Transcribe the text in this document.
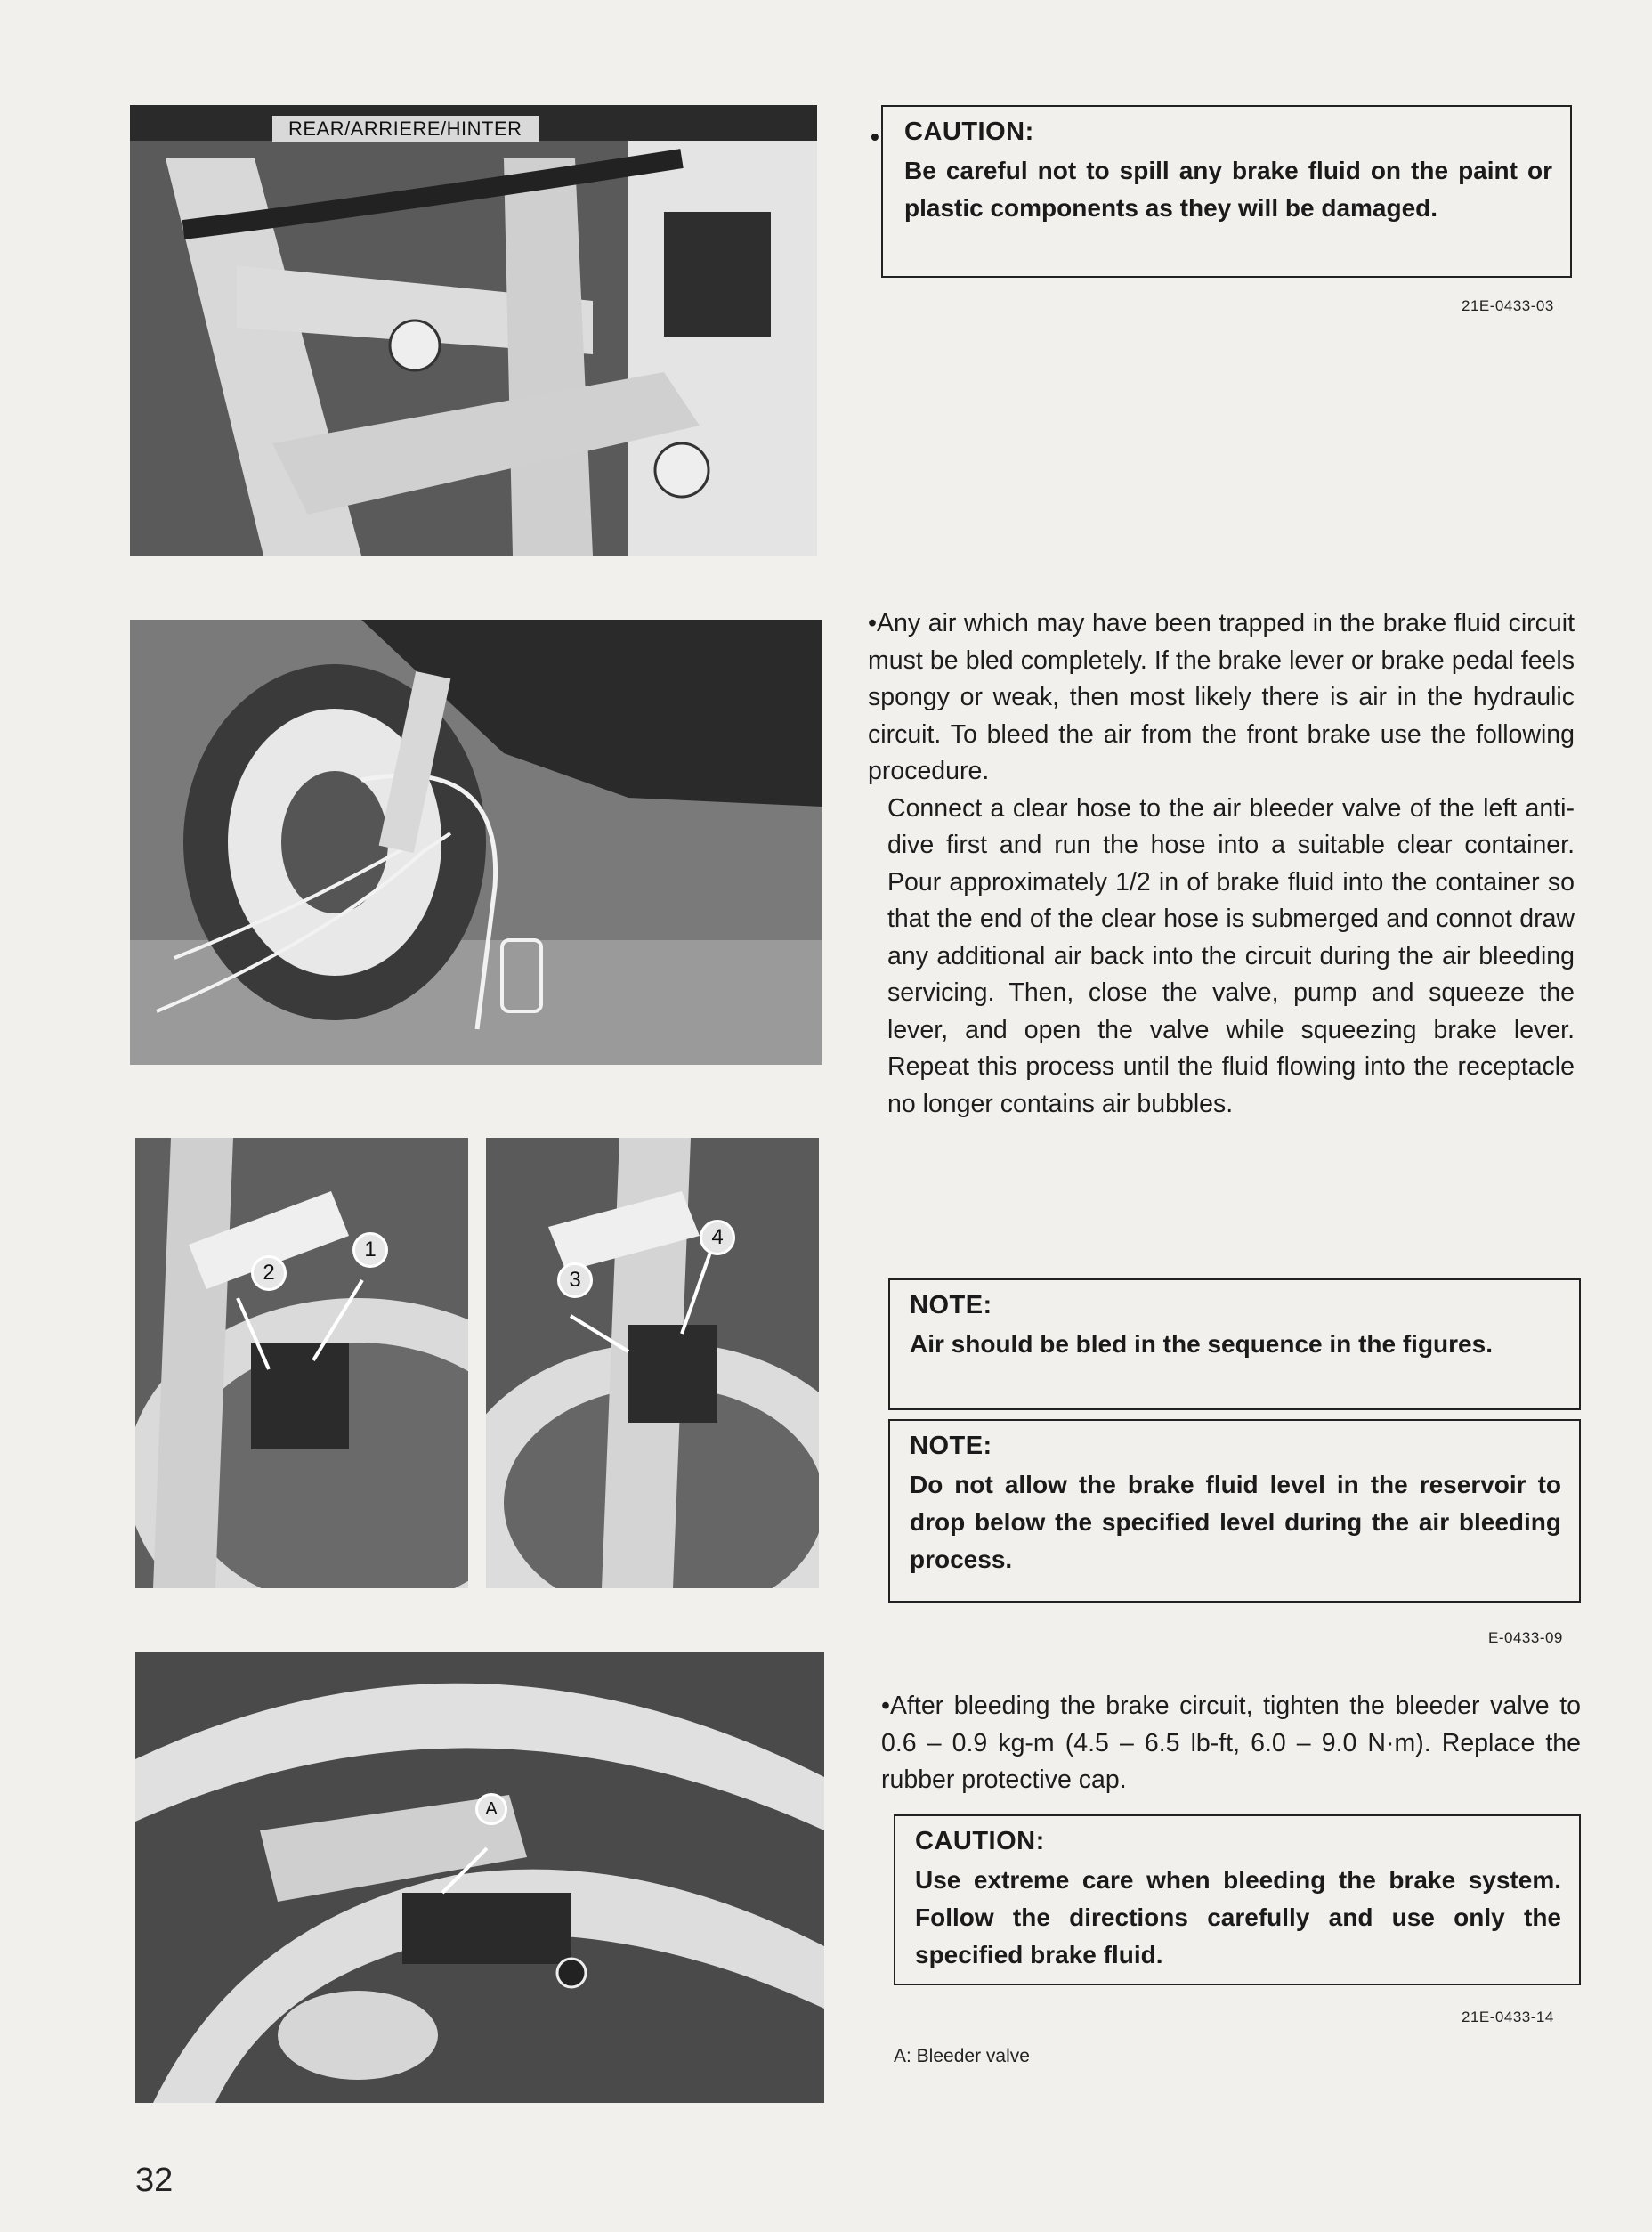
REAR/ARRIERE/HINTER
2
1
3
4
A
• CAUTION:
Be careful not to spill any brake fluid on the paint or plastic components as they will be damaged.
21E-0433-03

•Any air which may have been trapped in the brake fluid circuit must be bled completely. If the brake lever or brake pedal feels spongy or weak, then most likely there is air in the hydraulic circuit. To bleed the air from the front brake use the following procedure.

Connect a clear hose to the air bleeder valve of the left anti-dive first and run the hose into a suitable clear container. Pour approximately 1/2 in of brake fluid into the container so that the end of the clear hose is submerged and connot draw any additional air back into the circuit during the air bleeding servicing. Then, close the valve, pump and squeeze the lever, and open the valve while squeezing brake lever. Repeat this process until the fluid flowing into the receptacle no longer contains air bubbles.

NOTE:
Air should be bled in the sequence in the figures.
NOTE:
Do not allow the brake fluid level in the reservoir to drop below the specified level during the air bleeding process.
E-0433-09

•After bleeding the brake circuit, tighten the bleeder valve to 0.6 – 0.9 kg-m (4.5 – 6.5 lb-ft, 6.0 – 9.0 N·m). Replace the rubber protective cap.

CAUTION:
Use extreme care when bleeding the brake system. Follow the directions carefully and use only the specified brake fluid.
21E-0433-14
A: Bleeder valve
32
